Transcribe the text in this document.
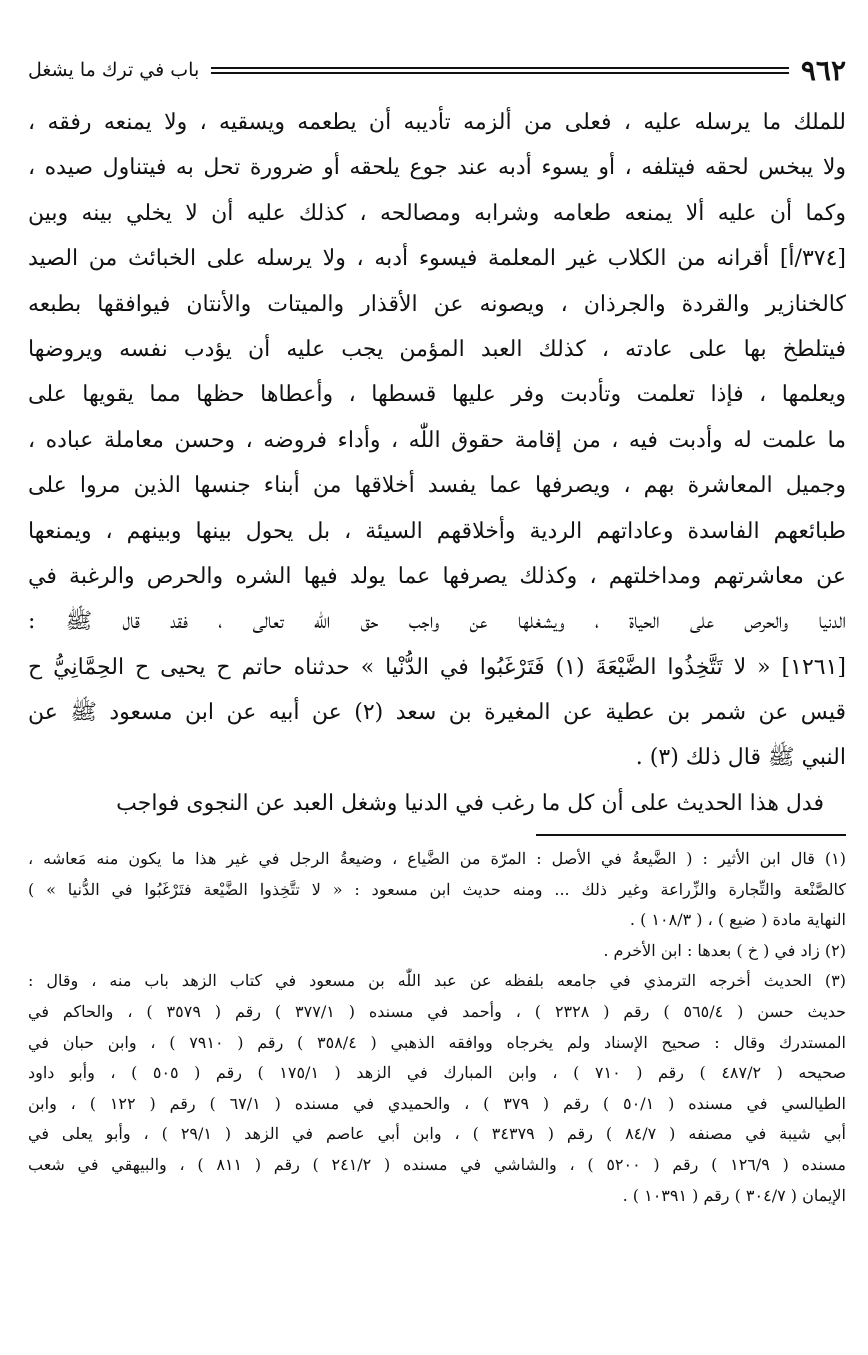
٩٦٢
باب في ترك ما يشغل
للملك ما يرسله عليه ، فعلى من ألزمه تأديبه أن يطعمه ويسقيه ، ولا يمنعه رفقه ،
ولا يبخس لحقه فيتلفه ، أو يسوء أدبه عند جوع يلحقه أو ضرورة تحل به فيتناول صيده ،
وكما أن عليه ألا يمنعه طعامه وشرابه ومصالحه ، كذلك عليه أن لا يخلي بينه وبين
[٣٧٤/أ] أقرانه من الكلاب غير المعلمة فيسوء أدبه ، ولا يرسله على الخبائث من الصيد
كالخنازير والقردة والجرذان ، ويصونه عن الأقذار والميتات والأنتان فيوافقها بطبعه
فيتلطخ بها على عادته ، كذلك العبد المؤمن يجب عليه أن يؤدب نفسه ويروضها
ويعلمها ، فإذا تعلمت وتأدبت وفر عليها قسطها ، وأعطاها حظها مما يقويها على
ما علمت له وأدبت فيه ، من إقامة حقوق اللّٰه ، وأداء فروضه ، وحسن معاملة عباده ،
وجميل المعاشرة بهم ، ويصرفها عما يفسد أخلاقها من أبناء جنسها الذين مروا على
طبائعهم الفاسدة وعاداتهم الردية وأخلاقهم السيئة ، بل يحول بينها وبينهم ، ويمنعها
عن معاشرتهم ومداخلتهم ، وكذلك يصرفها عما يولد فيها الشره والحرص والرغبة في
الدنيا والحرص على الحياة ، ويشغلها عن واجب حق اللّٰه تعالى ، فقد قال ﷺ :
[١٢٦١] « لا تَتَّخِذُوا الضَّيْعَةَ (١) فَتَرْغَبُوا في الدُّنْيا » حدثناه حاتم ح يحيى ح الحِمَّانِيُّ ح
قيس عن شمر بن عطية عن المغيرة بن سعد (٢) عن أبيه عن ابن مسعود ﷺ عن
النبي ﷺ قال ذلك (٣) .
فدل هذا الحديث على أن كل ما رغب في الدنيا وشغل العبد عن النجوى فواجب
(١) قال ابن الأثير : ( الضَّيعةُ في الأصل : المرّة من الضَّياع ، وضيعةُ الرجل في غير هذا ما يكون منه مَعاشه ،
كالصَّنْعة والتِّجارة والزِّراعة وغير ذلك ... ومنه حديث ابن مسعود : « لا تتَّخِذوا الضَّيْعة فتَرْغَبُوا في الدُّنيا » )
النهاية مادة ( ضيع ) ، ( ١٠٨/٣ ) .
(٢) زاد في ( خ ) بعدها : ابن الأخرم .
(٣) الحديث أخرجه الترمذي في جامعه بلفظه عن عبد اللّٰه بن مسعود في كتاب الزهد باب منه ، وقال :
حديث حسن ( ٥٦٥/٤ ) رقم ( ٢٣٢٨ ) ، وأحمد في مسنده ( ٣٧٧/١ ) رقم ( ٣٥٧٩ ) ، والحاكم في
المستدرك وقال : صحيح الإسناد ولم يخرجاه ووافقه الذهبي ( ٣٥٨/٤ ) رقم ( ٧٩١٠ ) ، وابن حبان في
صحيحه ( ٤٨٧/٢ ) رقم ( ٧١٠ ) ، وابن المبارك في الزهد ( ١٧٥/١ ) رقم ( ٥٠٥ ) ، وأبو داود
الطيالسي في مسنده ( ٥٠/١ ) رقم ( ٣٧٩ ) ، والحميدي في مسنده ( ٦٧/١ ) رقم ( ١٢٢ ) ، وابن
أبي شيبة في مصنفه ( ٨٤/٧ ) رقم ( ٣٤٣٧٩ ) ، وابن أبي عاصم في الزهد ( ٢٩/١ ) ، وأبو يعلى في
مسنده ( ١٢٦/٩ ) رقم ( ٥٢٠٠ ) ، والشاشي في مسنده ( ٢٤١/٢ ) رقم ( ٨١١ ) ، والبيهقي في شعب
الإيمان ( ٣٠٤/٧ ) رقم ( ١٠٣٩١ ) .
